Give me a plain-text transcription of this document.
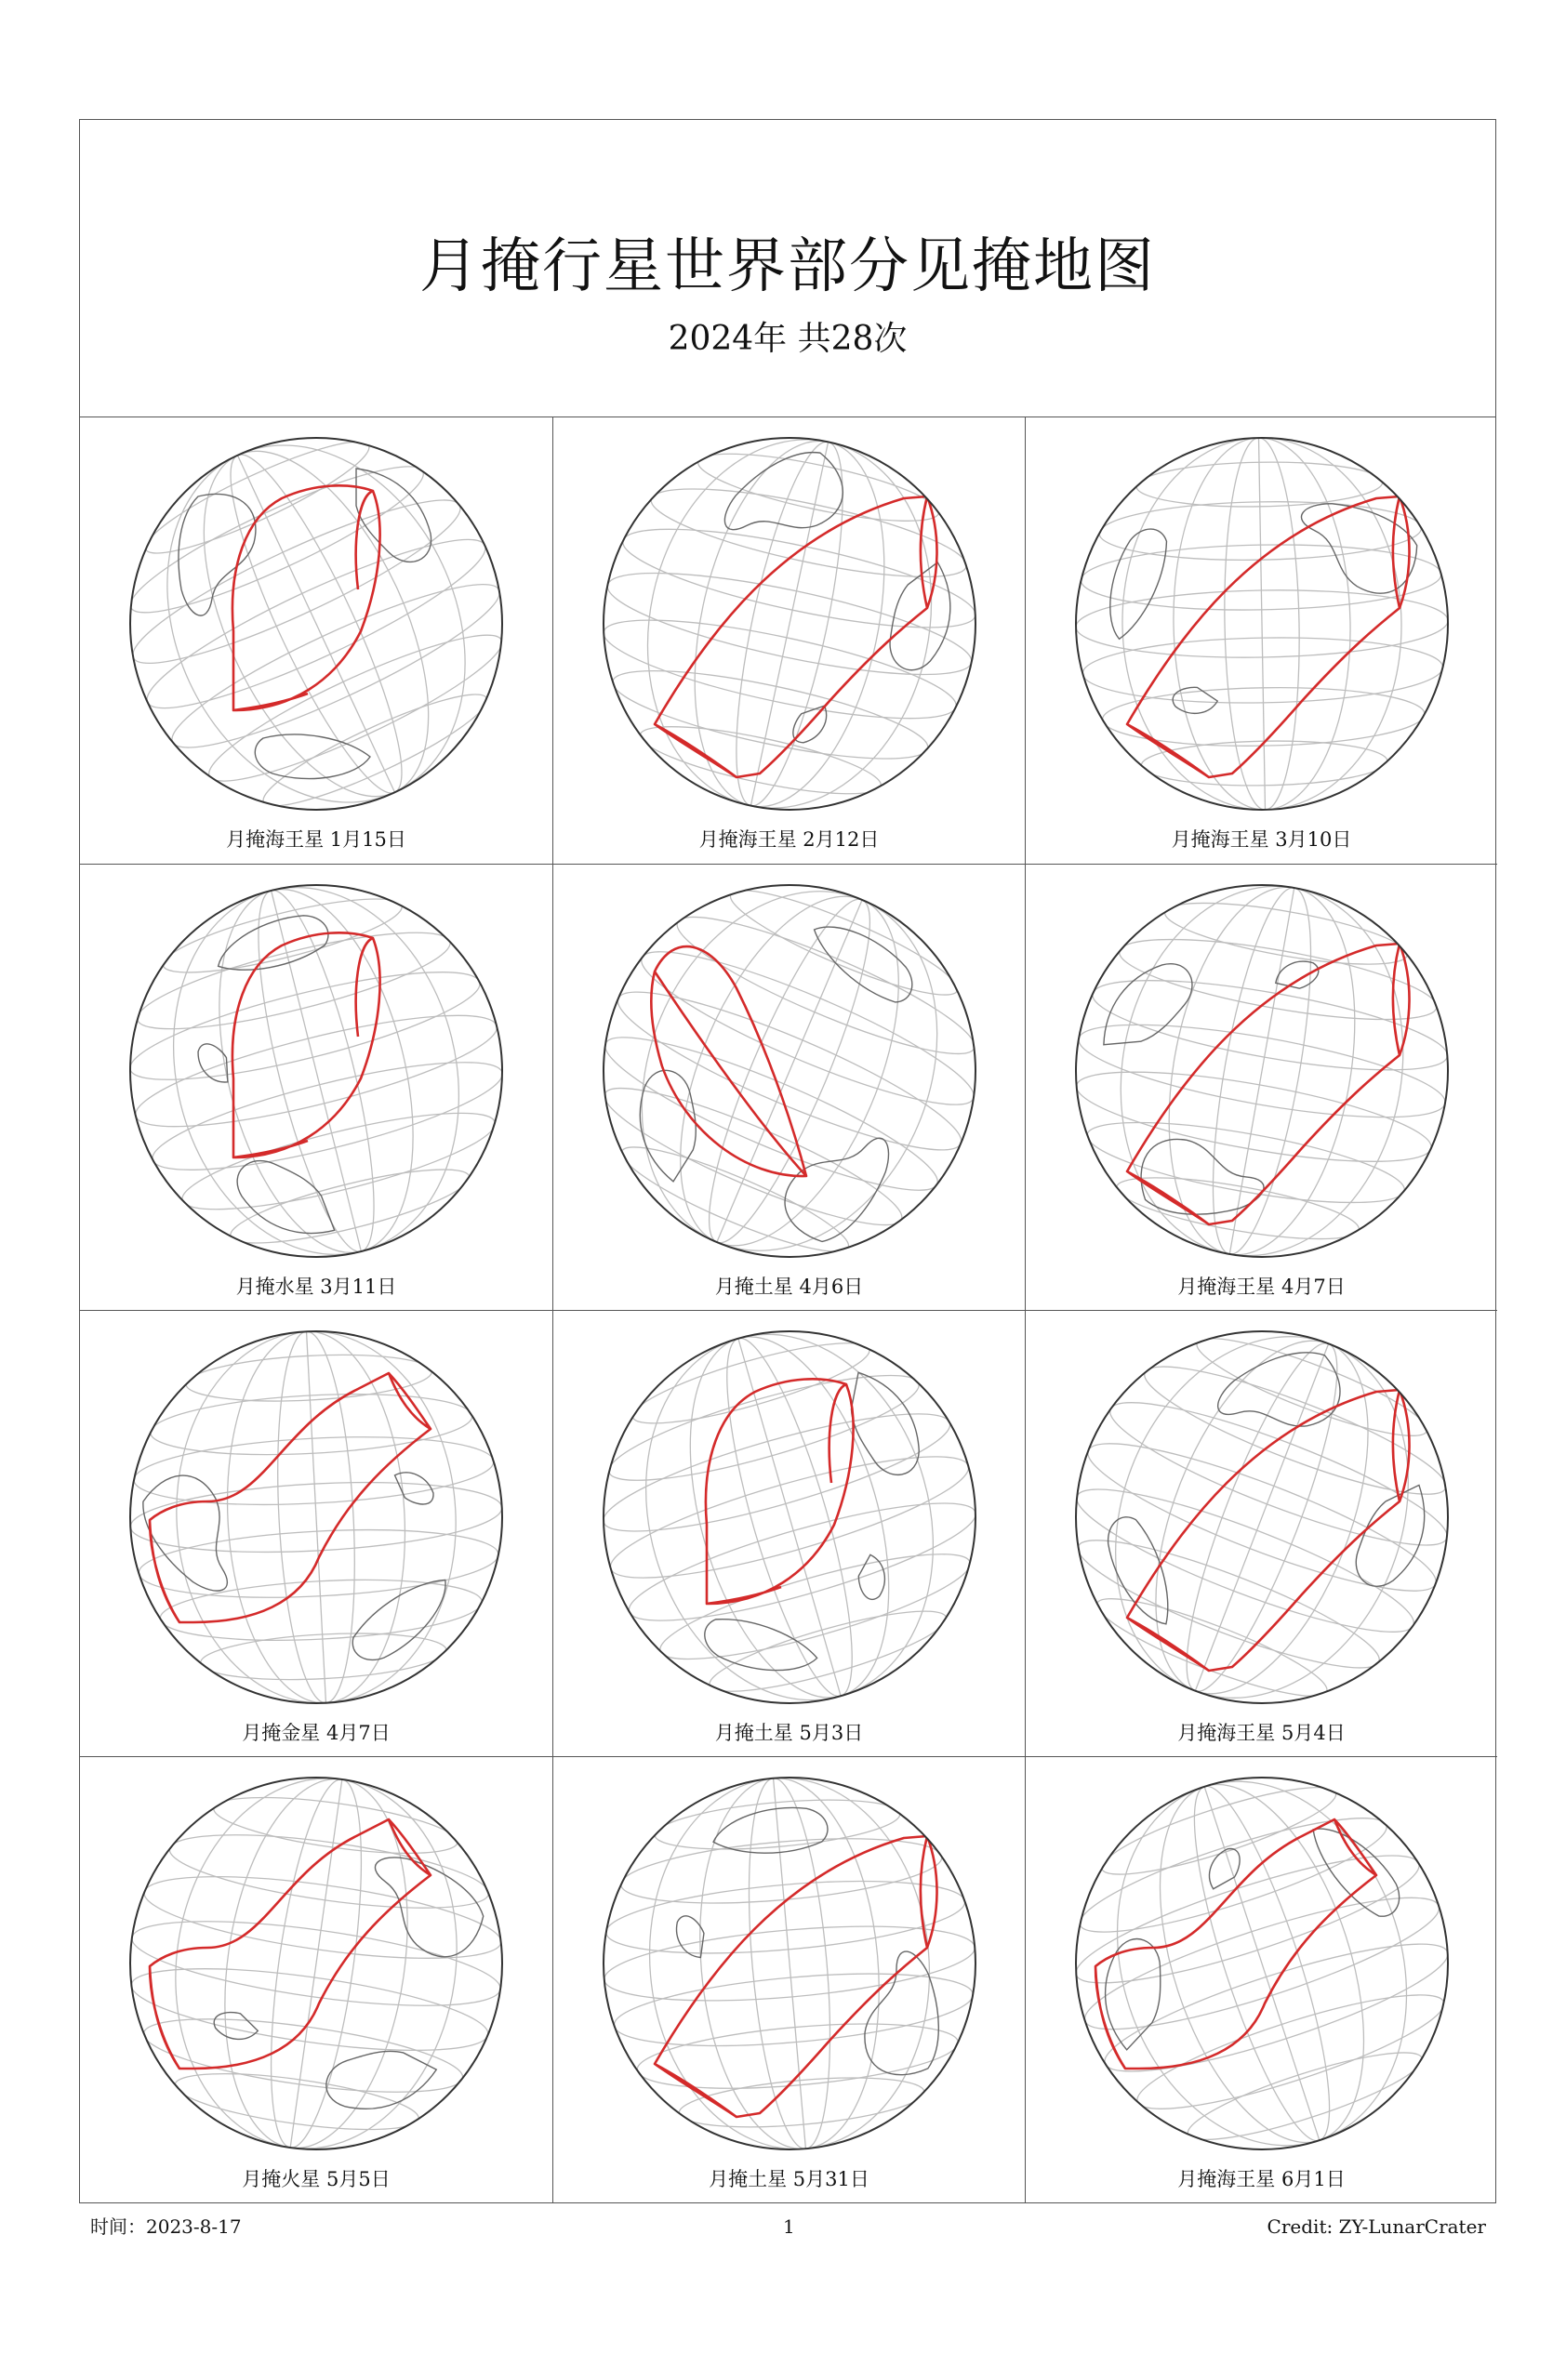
月掩行星世界部分见掩地图
2024年 共28次
月掩海王星 1月15日	月掩海王星 2月12日	月掩海王星 3月10日
月掩水星 3月11日	月掩土星 4月6日	月掩海王星 4月7日
月掩金星 4月7日	月掩土星 5月3日	月掩海王星 5月4日
月掩火星 5月5日	月掩土星 5月31日	月掩海王星 6月1日
时间：2023-8-17	1	Credit: ZY-LunarCrater
